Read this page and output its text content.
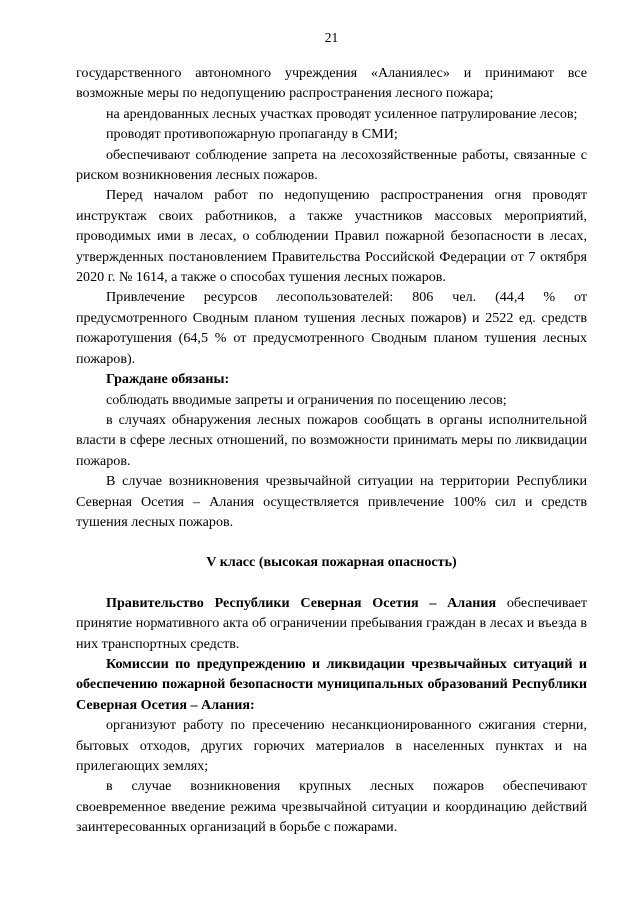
21

государственного автономного учреждения «Аланиялес» и принимают все возможные меры по недопущению распространения лесного пожара;

на арендованных лесных участках проводят усиленное патрулирование лесов;

проводят противопожарную пропаганду в СМИ;

обеспечивают соблюдение запрета на лесохозяйственные работы, связанные с риском возникновения лесных пожаров.

Перед началом работ по недопущению распространения огня проводят инструктаж своих работников, а также участников массовых мероприятий, проводимых ими в лесах, о соблюдении Правил пожарной безопасности в лесах, утвержденных постановлением Правительства Российской Федерации от 7 октября 2020 г. № 1614, а также о способах тушения лесных пожаров.

Привлечение ресурсов лесопользователей: 806 чел. (44,4 % от предусмотренного Сводным планом тушения лесных пожаров) и 2522 ед. средств пожаротушения (64,5 % от предусмотренного Сводным планом тушения лесных пожаров).

Граждане обязаны:

соблюдать вводимые запреты и ограничения по посещению лесов;

в случаях обнаружения лесных пожаров сообщать в органы исполнительной власти в сфере лесных отношений, по возможности принимать меры по ликвидации пожаров.

В случае возникновения чрезвычайной ситуации на территории Республики Северная Осетия – Алания осуществляется привлечение 100% сил и средств тушения лесных пожаров.

V класс (высокая пожарная опасность)

Правительство Республики Северная Осетия – Алания обеспечивает принятие нормативного акта об ограничении пребывания граждан в лесах и въезда в них транспортных средств.

Комиссии по предупреждению и ликвидации чрезвычайных ситуаций и обеспечению пожарной безопасности муниципальных образований Республики Северная Осетия – Алания:

организуют работу по пресечению несанкционированного сжигания стерни, бытовых отходов, других горючих материалов в населенных пунктах и на прилегающих землях;

в случае возникновения крупных лесных пожаров обеспечивают своевременное введение режима чрезвычайной ситуации и координацию действий заинтересованных организаций в борьбе с пожарами.
